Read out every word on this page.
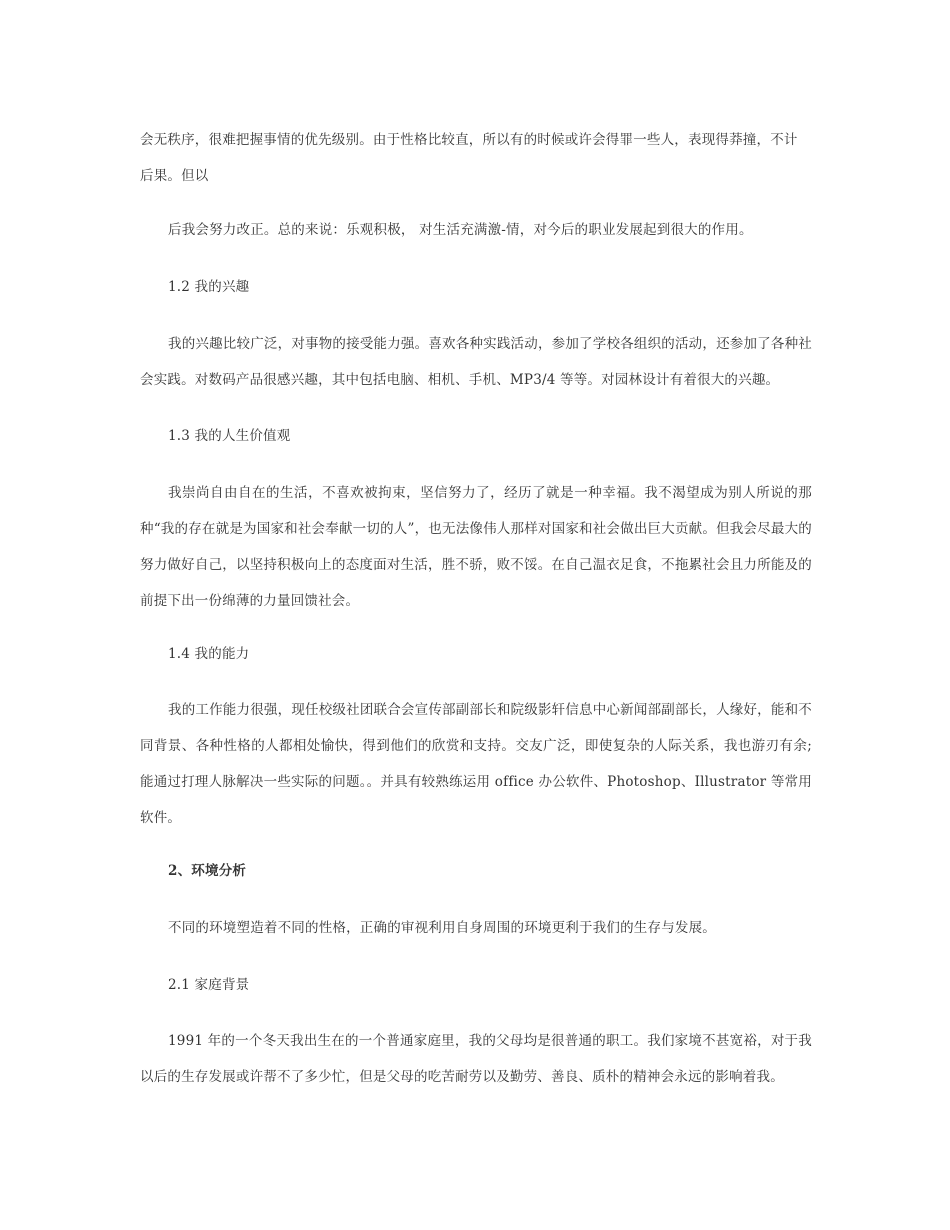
会无秩序，很难把握事情的优先级别。由于性格比较直，所以有的时候或许会得罪一些人，表现得莽撞，不计

后果。但以

后我会努力改正。总的来说：乐观积极， 对生活充满激-情，对今后的职业发展起到很大的作用。

1.2 我的兴趣

我的兴趣比较广泛，对事物的接受能力强。喜欢各种实践活动，参加了学校各组织的活动，还参加了各种社会实践。对数码产品很感兴趣，其中包括电脑、相机、手机、MP3/4 等等。对园林设计有着很大的兴趣。

1.3 我的人生价值观

我崇尚自由自在的生活，不喜欢被拘束，坚信努力了，经历了就是一种幸福。我不渴望成为别人所说的那种“我的存在就是为国家和社会奉献一切的人”，也无法像伟人那样对国家和社会做出巨大贡献。但我会尽最大的努力做好自己，以坚持积极向上的态度面对生活，胜不骄，败不馁。在自己温衣足食，不拖累社会且力所能及的前提下出一份绵薄的力量回馈社会。

1.4 我的能力

我的工作能力很强，现任校级社团联合会宣传部副部长和院级影轩信息中心新闻部副部长，人缘好，能和不同背景、各种性格的人都相处愉快，得到他们的欣赏和支持。交友广泛，即使复杂的人际关系，我也游刃有余;能通过打理人脉解决一些实际的问题。。并具有较熟练运用 office 办公软件、Photoshop、Illustrator 等常用软件。

2、环境分析

不同的环境塑造着不同的性格，正确的审视利用自身周围的环境更利于我们的生存与发展。

2.1 家庭背景

1991 年的一个冬天我出生在的一个普通家庭里，我的父母均是很普通的职工。我们家境不甚宽裕，对于我以后的生存发展或许帮不了多少忙，但是父母的吃苦耐劳以及勤劳、善良、质朴的精神会永远的影响着我。
